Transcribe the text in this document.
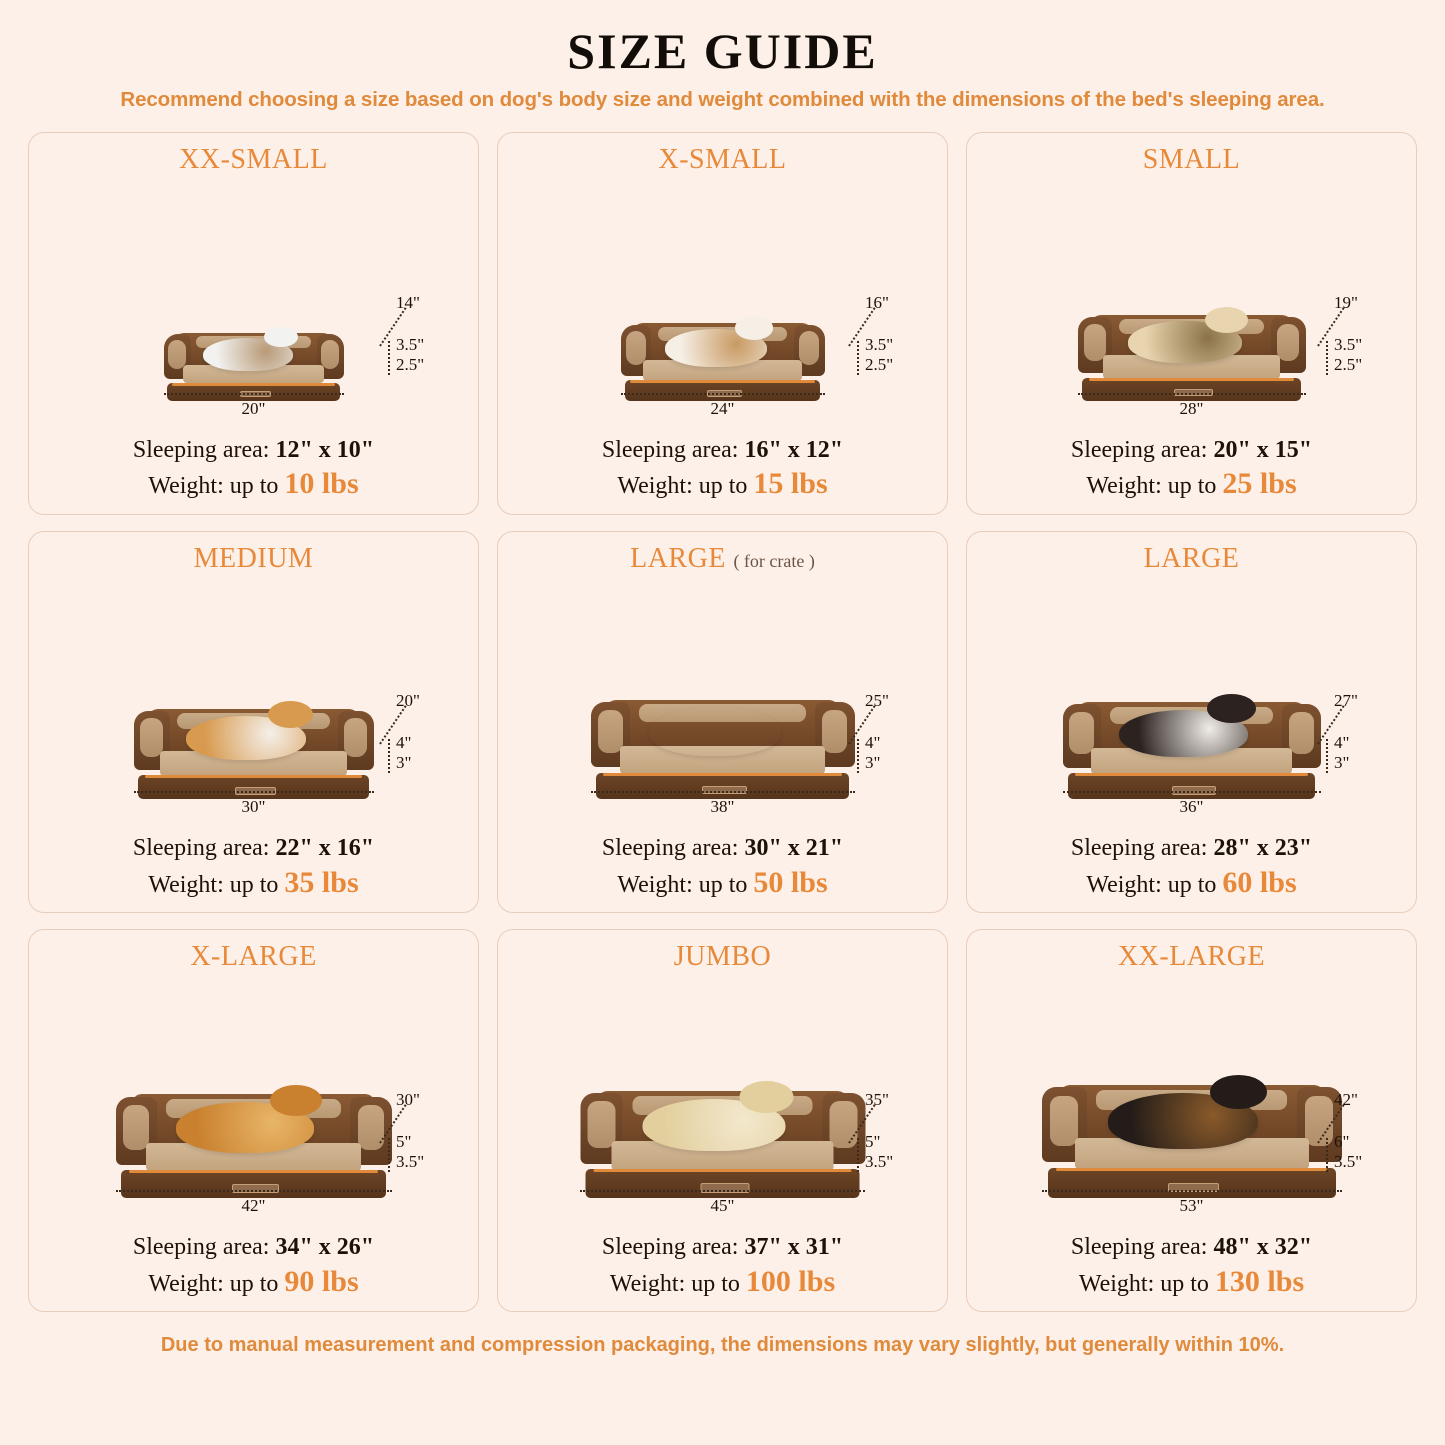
SIZE GUIDE
Recommend choosing a size based on dog's body size and weight combined with the dimensions of the bed's sleeping area.
XX-SMALL
20"
14"
3.5"
2.5"
Sleeping area: 12" x 10"
Weight: up to 10 lbs
X-SMALL
24"
16"
3.5"
2.5"
Sleeping area: 16" x 12"
Weight: up to 15 lbs
SMALL
28"
19"
3.5"
2.5"
Sleeping area: 20" x 15"
Weight: up to 25 lbs
MEDIUM
30"
20"
4"
3"
Sleeping area: 22" x 16"
Weight: up to 35 lbs
LARGE ( for crate )
38"
25"
4"
3"
Sleeping area: 30" x 21"
Weight: up to 50 lbs
LARGE
36"
27"
4"
3"
Sleeping area: 28" x 23"
Weight: up to 60 lbs
X-LARGE
42"
30"
5"
3.5"
Sleeping area: 34" x 26"
Weight: up to 90 lbs
JUMBO
45"
35"
5"
3.5"
Sleeping area: 37" x 31"
Weight: up to 100 lbs
XX-LARGE
53"
42"
6"
3.5"
Sleeping area: 48" x 32"
Weight: up to 130 lbs
Due to manual measurement and compression packaging, the dimensions may vary slightly, but generally within 10%.
